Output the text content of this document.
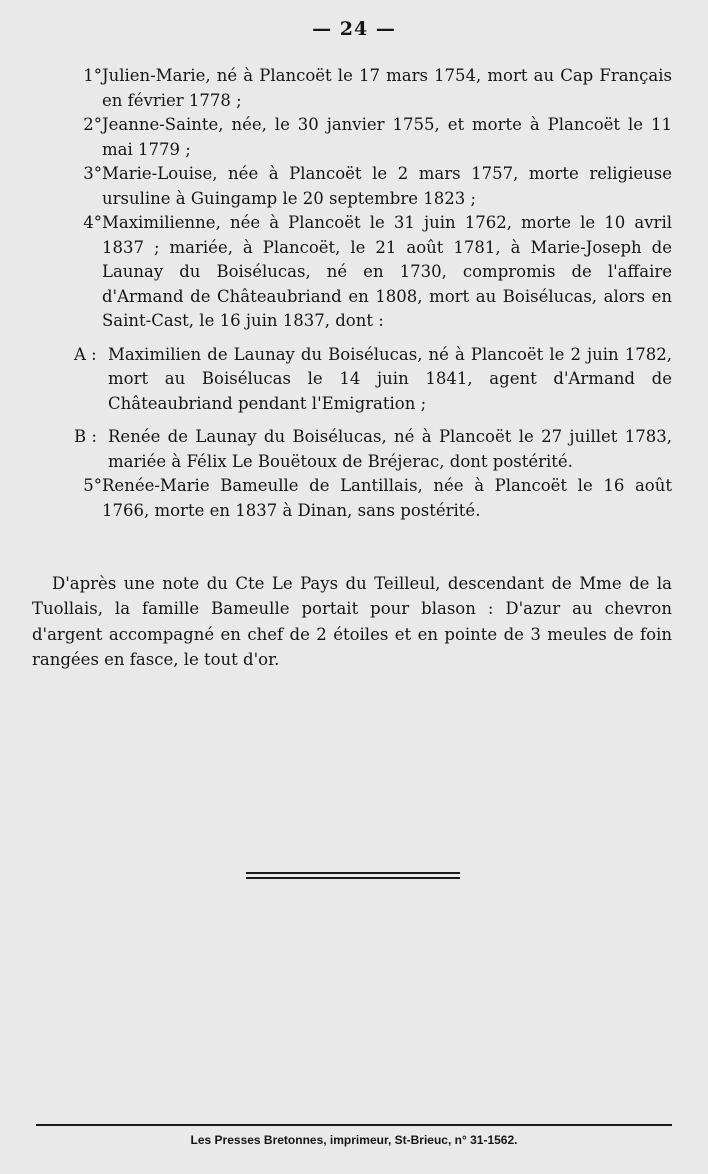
— 24 —
1° Julien-Marie, né à Plancoët le 17 mars 1754, mort au Cap Français en février 1778 ;
2° Jeanne-Sainte, née, le 30 janvier 1755, et morte à Plancoët le 11 mai 1779 ;
3° Marie-Louise, née à Plancoët le 2 mars 1757, morte religieuse ursuline à Guingamp le 20 septembre 1823 ;
4° Maximilienne, née à Plancoët le 31 juin 1762, morte le 10 avril 1837 ; mariée, à Plancoët, le 21 août 1781, à Marie-Joseph de Launay du Boisélucas, né en 1730, compromis de l'affaire d'Armand de Châteaubriand en 1808, mort au Boisélucas, alors en Saint-Cast, le 16 juin 1837, dont :
A : Maximilien de Launay du Boisélucas, né à Plancoët le 2 juin 1782, mort au Boisélucas le 14 juin 1841, agent d'Armand de Châteaubriand pendant l'Emigration ;
B : Renée de Launay du Boisélucas, né à Plancoët le 27 juillet 1783, mariée à Félix Le Bouëtoux de Bréjerac, dont postérité.
5° Renée-Marie Bameulle de Lantillais, née à Plancoët le 16 août 1766, morte en 1837 à Dinan, sans postérité.

D'après une note du Cte Le Pays du Teilleul, descendant de Mme de la Tuollais, la famille Bameulle portait pour blason : D'azur au chevron d'argent accompagné en chef de 2 étoiles et en pointe de 3 meules de foin rangées en fasce, le tout d'or.

Les Presses Bretonnes, imprimeur, St-Brieuc, n° 31-1562.
